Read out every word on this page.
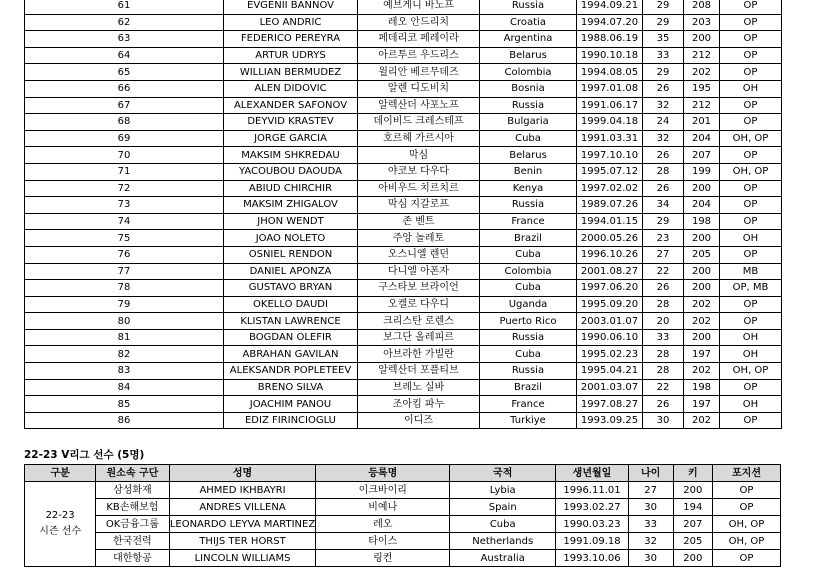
61	EVGENII BANNOV	예브게니 바노프	Russia	1994.09.21	29	208	OP
62	LEO ANDRIC	레오 안드리치	Croatia	1994.07.20	29	203	OP
63	FEDERICO PEREYRA	페데리코 페레이라	Argentina	1988.06.19	35	200	OP
64	ARTUR UDRYS	아르투르 우드리스	Belarus	1990.10.18	33	212	OP
65	WILLIAN BERMUDEZ	윌리안 베르무데즈	Colombia	1994.08.05	29	202	OP
66	ALEN DIDOVIC	알렌 디도비치	Bosnia	1997.01.08	26	195	OH
67	ALEXANDER SAFONOV	알렉산더 사포노프	Russia	1991.06.17	32	212	OP
68	DEYVID KRASTEV	데이비드 크레스테프	Bulgaria	1999.04.18	24	201	OP
69	JORGE GARCIA	호르헤 가르시아	Cuba	1991.03.31	32	204	OH, OP
70	MAKSIM SHKREDAU	막심	Belarus	1997.10.10	26	207	OP
71	YACOUBOU DAOUDA	야코보 다우다	Benin	1995.07.12	28	199	OH, OP
72	ABIUD CHIRCHIR	아비우드 치르치르	Kenya	1997.02.02	26	200	OP
73	MAKSIM ZHIGALOV	막심 지갈로프	Russia	1989.07.26	34	204	OP
74	JHON WENDT	존 벤트	France	1994.01.15	29	198	OP
75	JOAO NOLETO	주앙 놀레토	Brazil	2000.05.26	23	200	OH
76	OSNIEL RENDON	오스니엘 렌던	Cuba	1996.10.26	27	205	OP
77	DANIEL APONZA	다니엘 아폰자	Colombia	2001.08.27	22	200	MB
78	GUSTAVO BRYAN	구스타보 브라이언	Cuba	1997.06.20	26	200	OP, MB
79	OKELLO DAUDI	오켈로 다우디	Uganda	1995.09.20	28	202	OP
80	KLISTAN LAWRENCE	크리스탄 로렌스	Puerto Rico	2003.01.07	20	202	OP
81	BOGDAN OLEFIR	보그단 올레피르	Russia	1990.06.10	33	200	OH
82	ABRAHAN GAVILAN	아브라한 가빌란	Cuba	1995.02.23	28	197	OH
83	ALEKSANDR POPLETEEV	알렉산더 포플티브	Russia	1995.04.21	28	202	OH, OP
84	BRENO SILVA	브레노 실바	Brazil	2001.03.07	22	198	OP
85	JOACHIM PANOU	조아킴 파누	France	1997.08.27	26	197	OH
86	EDIZ FIRINCIOGLU	이디즈	Turkiye	1993.09.25	30	202	OP
22-23 V리그 선수 (5명)
구분	원소속 구단	성명	등록명	국적	생년월일	나이	키	포지션
22-23
시즌 선수	삼성화재	AHMED IKHBAYRI	이크바이리	Lybia	1996.11.01	27	200	OP
	KB손해보험	ANDRES VILLENA	비예나	Spain	1993.02.27	30	194	OP
	OK금융그룹	LEONARDO LEYVA MARTINEZ	레오	Cuba	1990.03.23	33	207	OH, OP
	한국전력	THIJS TER HORST	타이스	Netherlands	1991.09.18	32	205	OH, OP
	대한항공	LINCOLN WILLIAMS	링컨	Australia	1993.10.06	30	200	OP
